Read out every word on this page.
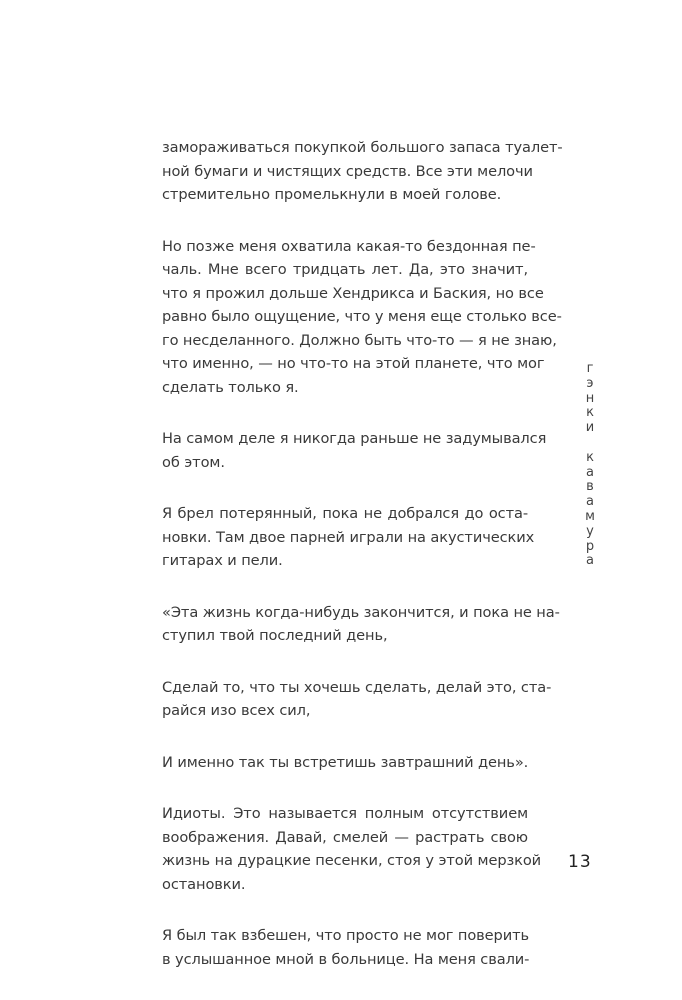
замораживаться покупкой большого запаса туалет-
ной бумаги и чистящих средств. Все эти мелочи
стремительно промелькнули в моей голове.

Но позже меня охватила какая-то бездонная пе-
чаль. Мне всего тридцать лет. Да, это значит,
что я прожил дольше Хендрикса и Баския, но все
равно было ощущение, что у меня еще столько все-
го несделанного. Должно быть что-то — я не знаю,
что именно, — но что-то на этой планете, что мог
сделать только я.

На самом деле я никогда раньше не задумывался
об этом.

Я брел потерянный, пока не добрался до оста-
новки. Там двое парней играли на акустических
гитарах и пели.

«Эта жизнь когда-нибудь закончится, и пока не на-
ступил твой последний день,

Сделай то, что ты хочешь сделать, делай это, ста-
райся изо всех сил,

И именно так ты встретишь завтрашний день».

Идиоты. Это называется полным отсутствием
воображения. Давай, смелей — растрать свою
жизнь на дурацкие песенки, стоя у этой мерзкой
остановки.

Я был так взбешен, что просто не мог поверить
в услышанное мной в больнице. На меня свали-

г
э
н
к
и
к
а
в
а
м
у
р
а
13
